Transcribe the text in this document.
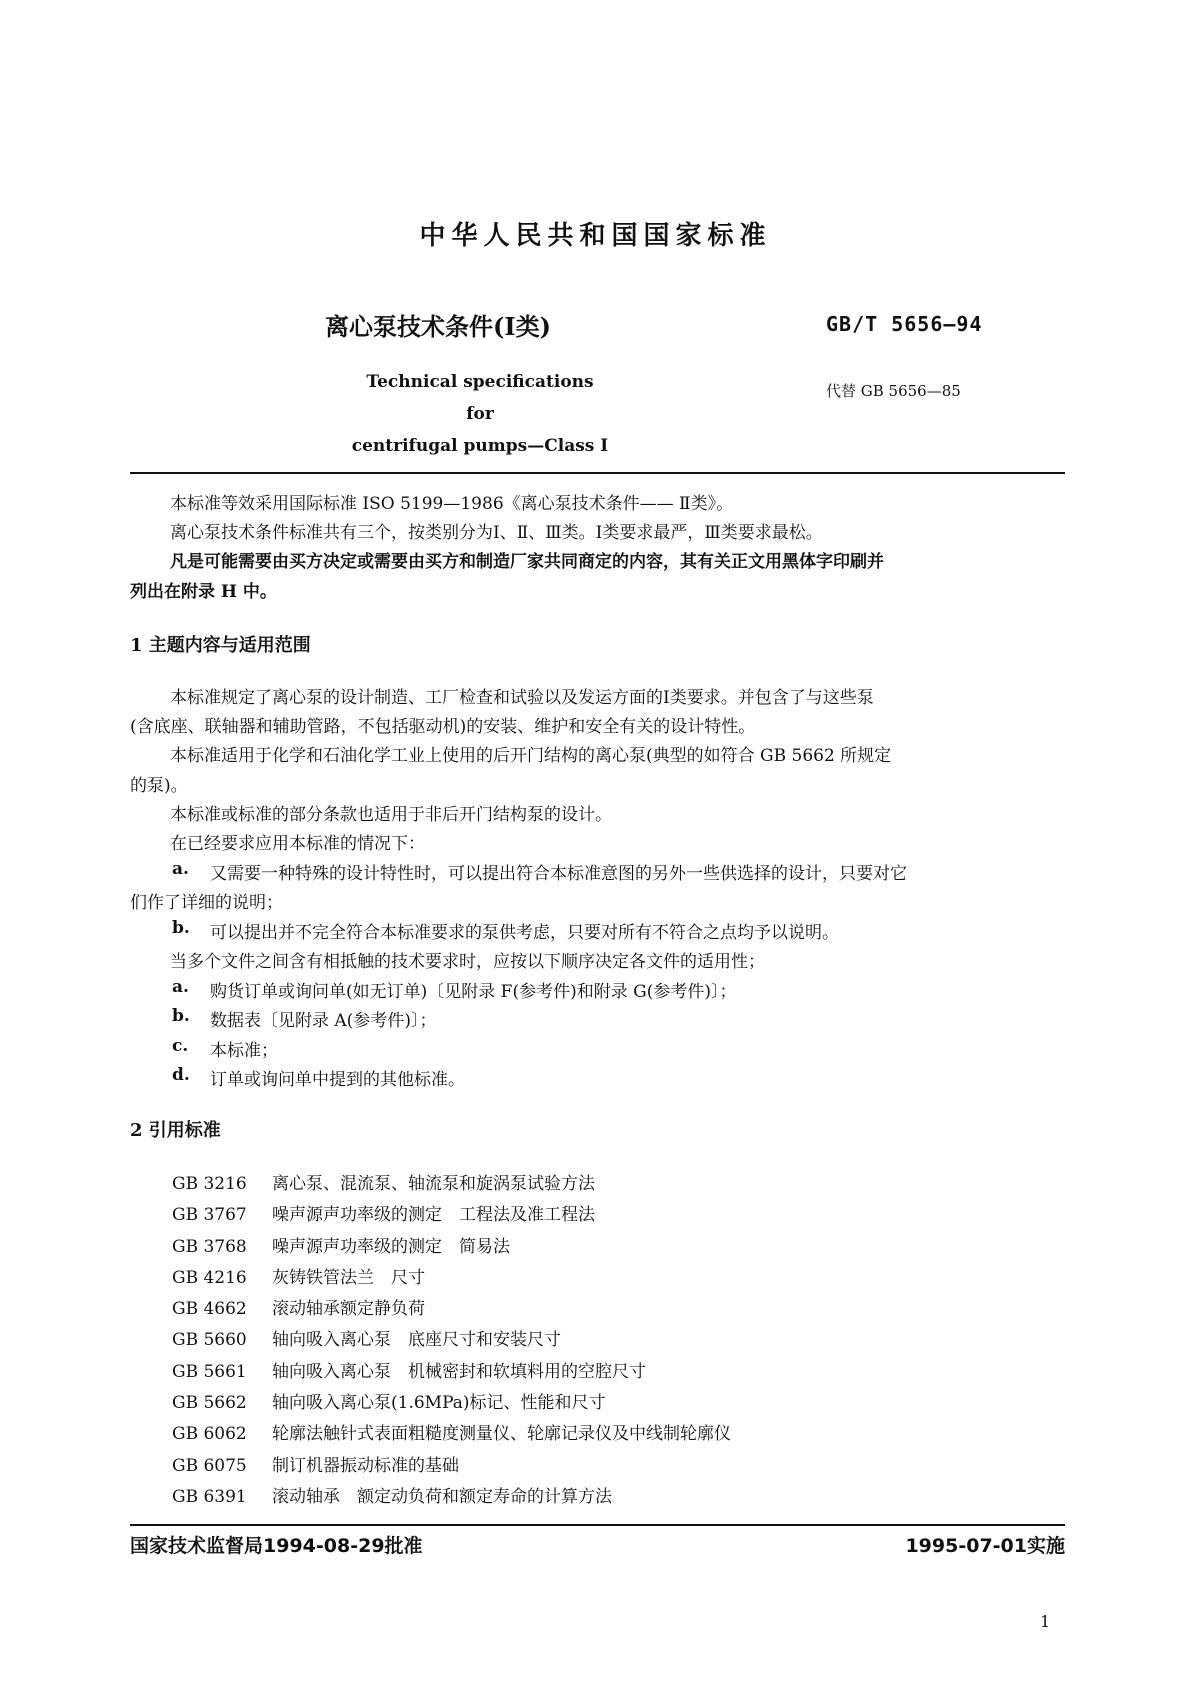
中华人民共和国国家标准
离心泵技术条件(Ⅰ类)	GB/T 5656—94
Technical specifications for
centrifugal pumps—Class Ⅰ
代替 GB 5656—85
本标准等效采用国际标准 ISO 5199—1986《离心泵技术条件—— Ⅱ类》。
离心泵技术条件标准共有三个，按类别分为Ⅰ、Ⅱ、Ⅲ类。Ⅰ类要求最严，Ⅲ类要求最松。
凡是可能需要由买方决定或需要由买方和制造厂家共同商定的内容，其有关正文用黑体字印刷并
列出在附录 H 中。
1 主题内容与适用范围
本标准规定了离心泵的设计制造、工厂检查和试验以及发运方面的Ⅰ类要求。并包含了与这些泵
(含底座、联轴器和辅助管路，不包括驱动机)的安装、维护和安全有关的设计特性。
本标准适用于化学和石油化学工业上使用的后开门结构的离心泵(典型的如符合 GB 5662 所规定
的泵)。
本标准或标准的部分条款也适用于非后开门结构泵的设计。
在已经要求应用本标准的情况下：
a. 又需要一种特殊的设计特性时，可以提出符合本标准意图的另外一些供选择的设计，只要对它
们作了详细的说明；
b. 可以提出并不完全符合本标准要求的泵供考虑，只要对所有不符合之点均予以说明。
当多个文件之间含有相抵触的技术要求时，应按以下顺序决定各文件的适用性；
a. 购货订单或询问单(如无订单)〔见附录 F(参考件)和附录 G(参考件)〕；
b. 数据表〔见附录 A(参考件)〕；
c. 本标准；
d. 订单或询问单中提到的其他标准。
2 引用标准
GB 3216 离心泵、混流泵、轴流泵和旋涡泵试验方法
GB 3767 噪声源声功率级的测定　工程法及准工程法
GB 3768 噪声源声功率级的测定　简易法
GB 4216 灰铸铁管法兰　尺寸
GB 4662 滚动轴承额定静负荷
GB 5660 轴向吸入离心泵　底座尺寸和安装尺寸
GB 5661 轴向吸入离心泵　机械密封和软填料用的空腔尺寸
GB 5662 轴向吸入离心泵(1.6MPa)标记、性能和尺寸
GB 6062 轮廓法触针式表面粗糙度测量仪、轮廓记录仪及中线制轮廓仪
GB 6075 制订机器振动标准的基础
GB 6391 滚动轴承　额定动负荷和额定寿命的计算方法
国家技术监督局1994-08-29批准	1995-07-01实施
1
